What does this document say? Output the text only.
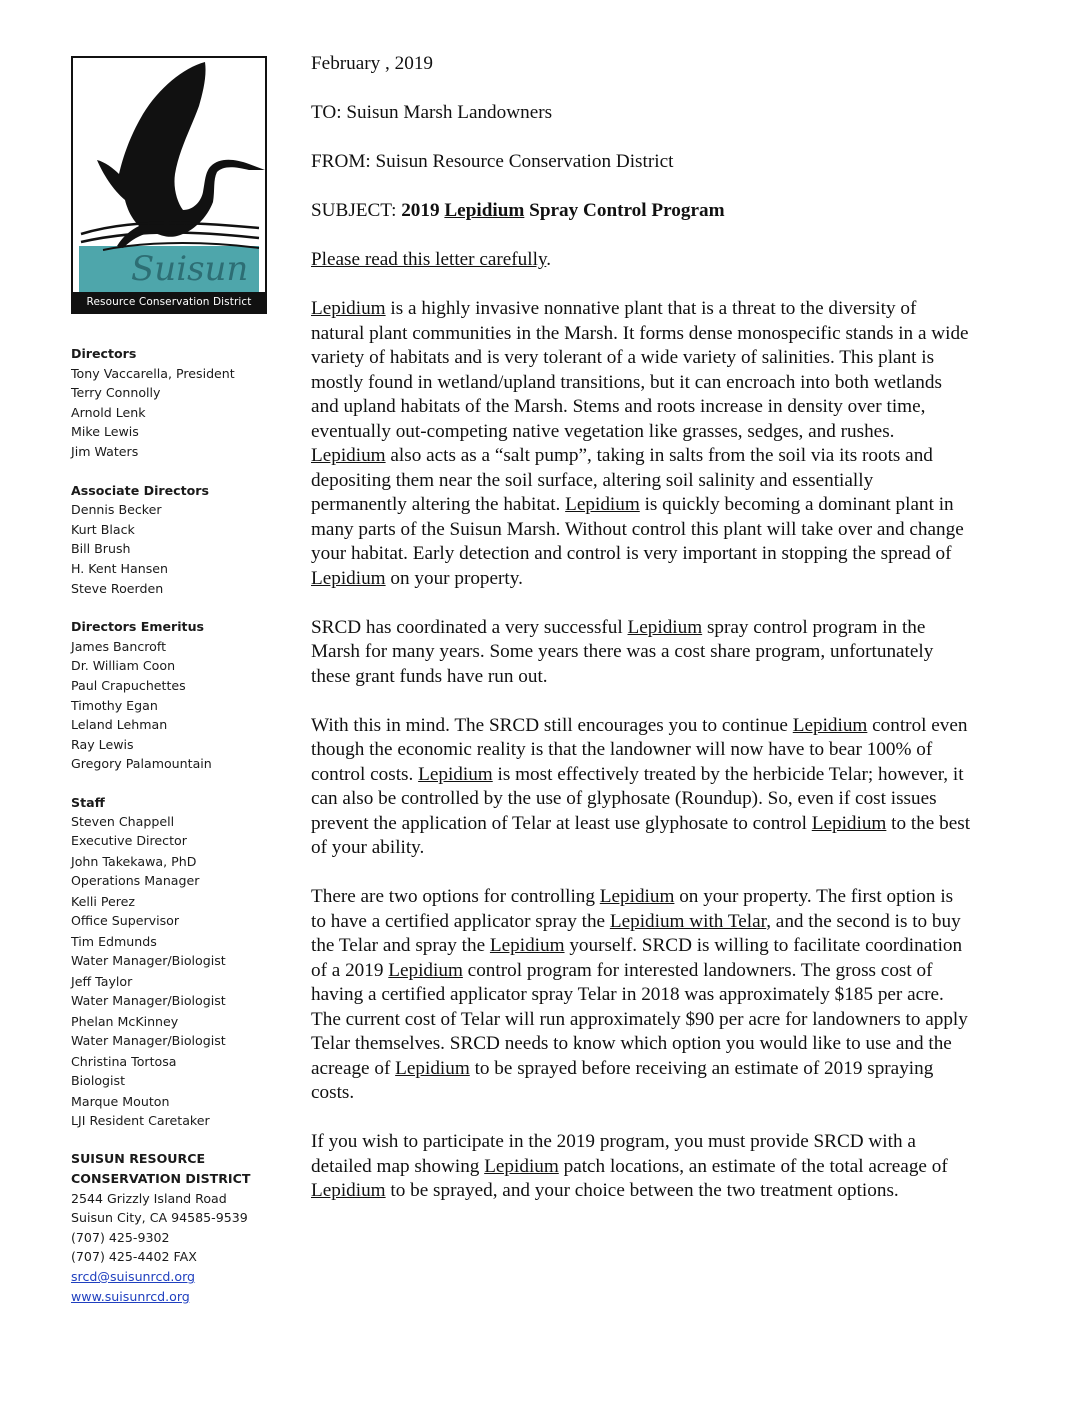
Suisun
Resource Conservation District
Directors
Tony Vaccarella, President
Terry Connolly
Arnold Lenk
Mike Lewis
Jim Waters
Associate Directors
Dennis Becker
Kurt Black
Bill Brush
H. Kent Hansen
Steve Roerden
Directors Emeritus
James Bancroft
Dr. William Coon
Paul Crapuchettes
Timothy Egan
Leland Lehman
Ray Lewis
Gregory Palamountain
Staff
Steven Chappell
Executive Director
John Takekawa, PhD
Operations Manager
Kelli Perez
Office Supervisor
Tim Edmunds
Water Manager/Biologist
Jeff Taylor
Water Manager/Biologist
Phelan McKinney
Water Manager/Biologist
Christina Tortosa
Biologist
Marque Mouton
LJI Resident Caretaker
SUISUN RESOURCE
CONSERVATION DISTRICT
2544 Grizzly Island Road
Suisun City, CA 94585-9539
(707) 425-9302
(707) 425-4402 FAX
srcd@suisunrcd.org
www.suisunrcd.org

February , 2019

TO: Suisun Marsh Landowners

FROM: Suisun Resource Conservation District

SUBJECT: 2019 Lepidium Spray Control Program

Please read this letter carefully.

Lepidium is a highly invasive nonnative plant that is a threat to the diversity of natural plant communities in the Marsh. It forms dense monospecific stands in a wide variety of habitats and is very tolerant of a wide variety of salinities. This plant is mostly found in wetland/upland transitions, but it can encroach into both wetlands and upland habitats of the Marsh. Stems and roots increase in density over time, eventually out-competing native vegetation like grasses, sedges, and rushes. Lepidium also acts as a “salt pump”, taking in salts from the soil via its roots and depositing them near the soil surface, altering soil salinity and essentially permanently altering the habitat. Lepidium is quickly becoming a dominant plant in many parts of the Suisun Marsh. Without control this plant will take over and change your habitat. Early detection and control is very important in stopping the spread of Lepidium on your property.

SRCD has coordinated a very successful Lepidium spray control program in the Marsh for many years. Some years there was a cost share program, unfortunately these grant funds have run out.

With this in mind. The SRCD still encourages you to continue Lepidium control even though the economic reality is that the landowner will now have to bear 100% of control costs. Lepidium is most effectively treated by the herbicide Telar; however, it can also be controlled by the use of glyphosate (Roundup). So, even if cost issues prevent the application of Telar at least use glyphosate to control Lepidium to the best of your ability.

There are two options for controlling Lepidium on your property. The first option is to have a certified applicator spray the Lepidium with Telar, and the second is to buy the Telar and spray the Lepidium yourself. SRCD is willing to facilitate coordination of a 2019 Lepidium control program for interested landowners. The gross cost of having a certified applicator spray Telar in 2018 was approximately $185 per acre. The current cost of Telar will run approximately $90 per acre for landowners to apply Telar themselves. SRCD needs to know which option you would like to use and the acreage of Lepidium to be sprayed before receiving an estimate of 2019 spraying costs.

If you wish to participate in the 2019 program, you must provide SRCD with a detailed map showing Lepidium patch locations, an estimate of the total acreage of Lepidium to be sprayed, and your choice between the two treatment options.
